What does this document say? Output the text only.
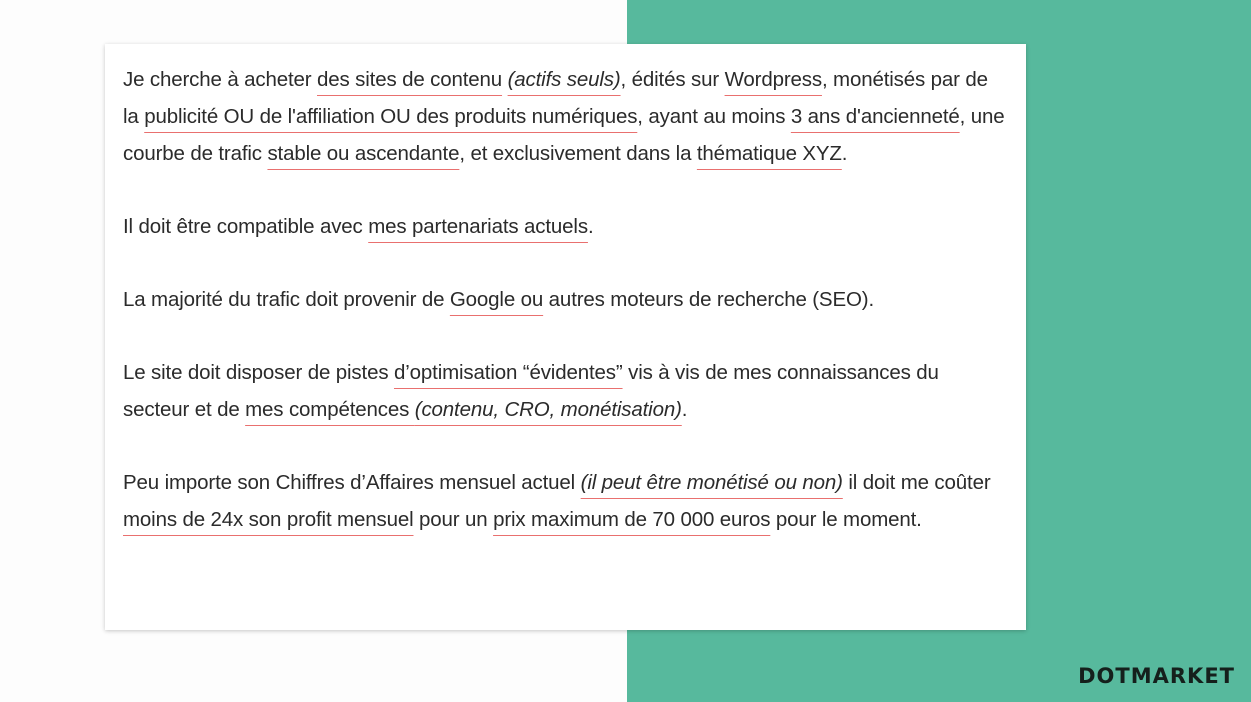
Je cherche à acheter des sites de contenu (actifs seuls), édités sur Wordpress, monétisés par de la publicité OU de l'affiliation OU des produits numériques, ayant au moins 3 ans d'ancienneté, une courbe de trafic stable ou ascendante, et exclusivement dans la thématique XYZ.

Il doit être compatible avec mes partenariats actuels.

La majorité du trafic doit provenir de Google ou autres moteurs de recherche (SEO).

Le site doit disposer de pistes d’optimisation “évidentes” vis à vis de mes connaissances du secteur et de mes compétences (contenu, CRO, monétisation).

Peu importe son Chiffres d’Affaires mensuel actuel (il peut être monétisé ou non) il doit me coûter moins de 24x son profit mensuel pour un prix maximum de 70 000 euros pour le moment.

DOTMARKET
